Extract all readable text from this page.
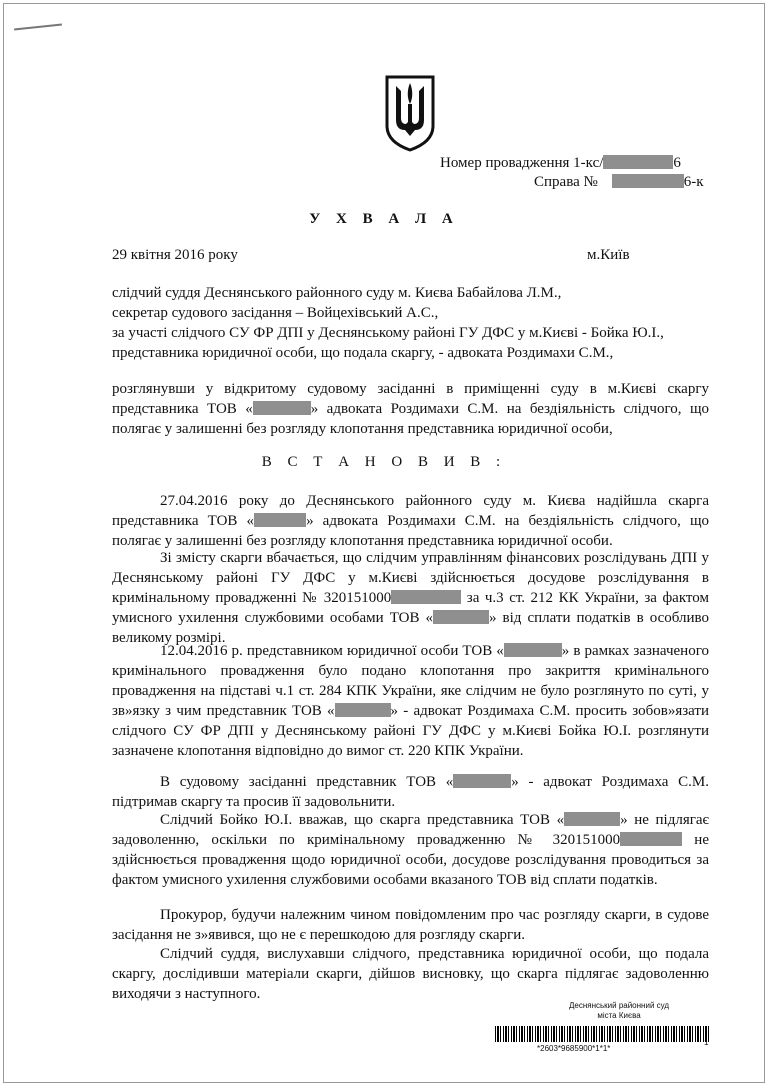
Номер провадження 1-кс/	6
Справа №	6-к
У Х В А Л А
29 квітня 2016 року	м.Київ
слідчий суддя Деснянського районного суду м. Києва Бабайлова Л.М.,
секретар судового засідання – Войцехівський А.С.,
за участі слідчого СУ ФР ДПІ у Деснянському районі ГУ ДФС у м.Києві - Бойка Ю.І.,
представника юридичної особи, що подала скаргу, - адвоката Роздимахи С.М.,
розглянувши у відкритому судовому засіданні в приміщенні суду в м.Києві скаргу представника ТОВ «	» адвоката Роздимахи С.М. на бездіяльність слідчого, що полягає у залишенні без розгляду клопотання представника юридичної особи,
В С Т А Н О В И В :
27.04.2016 року до Деснянського районного суду м. Києва надійшла скарга представника ТОВ «	» адвоката Роздимахи С.М. на бездіяльність слідчого, що полягає у залишенні без розгляду клопотання представника юридичної особи.
Зі змісту скарги вбачається, що слідчим управлінням фінансових розслідувань ДПІ у Деснянському районі ГУ ДФС у м.Києві здійснюється досудове розслідування в кримінальному провадженні № 320151000	за ч.3 ст. 212 КК України, за фактом умисного ухилення службовими особами ТОВ «	» від сплати податків в особливо великому розмірі.
12.04.2016 р. представником юридичної особи ТОВ «	» в рамках зазначеного кримінального провадження було подано клопотання про закриття кримінального провадження на підставі ч.1 ст. 284 КПК України, яке слідчим не було розглянуто по суті, у зв»язку з чим представник ТОВ «	» - адвокат Роздимаха С.М. просить зобов»язати слідчого СУ ФР ДПІ у Деснянському районі ГУ ДФС у м.Києві Бойка Ю.І. розглянути зазначене клопотання відповідно до вимог ст. 220 КПК України.
В судовому засіданні представник ТОВ «	» - адвокат Роздимаха С.М. підтримав скаргу та просив її задовольнити.
Слідчий Бойко Ю.І. вважав, що скарга представника ТОВ «	» не підлягає задоволенню, оскільки по кримінальному провадженню № 320151000	не здійснюється провадження щодо юридичної особи, досудове розслідування проводиться за фактом умисного ухилення службовими особами вказаного ТОВ від сплати податків.
Прокурор, будучи належним чином повідомленим про час розгляду скарги, в судове засідання не з»явився, що не є перешкодою для розгляду скарги.
Слідчий суддя, вислухавши слідчого, представника юридичної особи, що подала скаргу, дослідивши матеріали скарги, дійшов висновку, що скарга підлягає задоволенню виходячи з наступного.
Деснянський районний суд
міста Києва
*2603*9685900*1*1*
1
